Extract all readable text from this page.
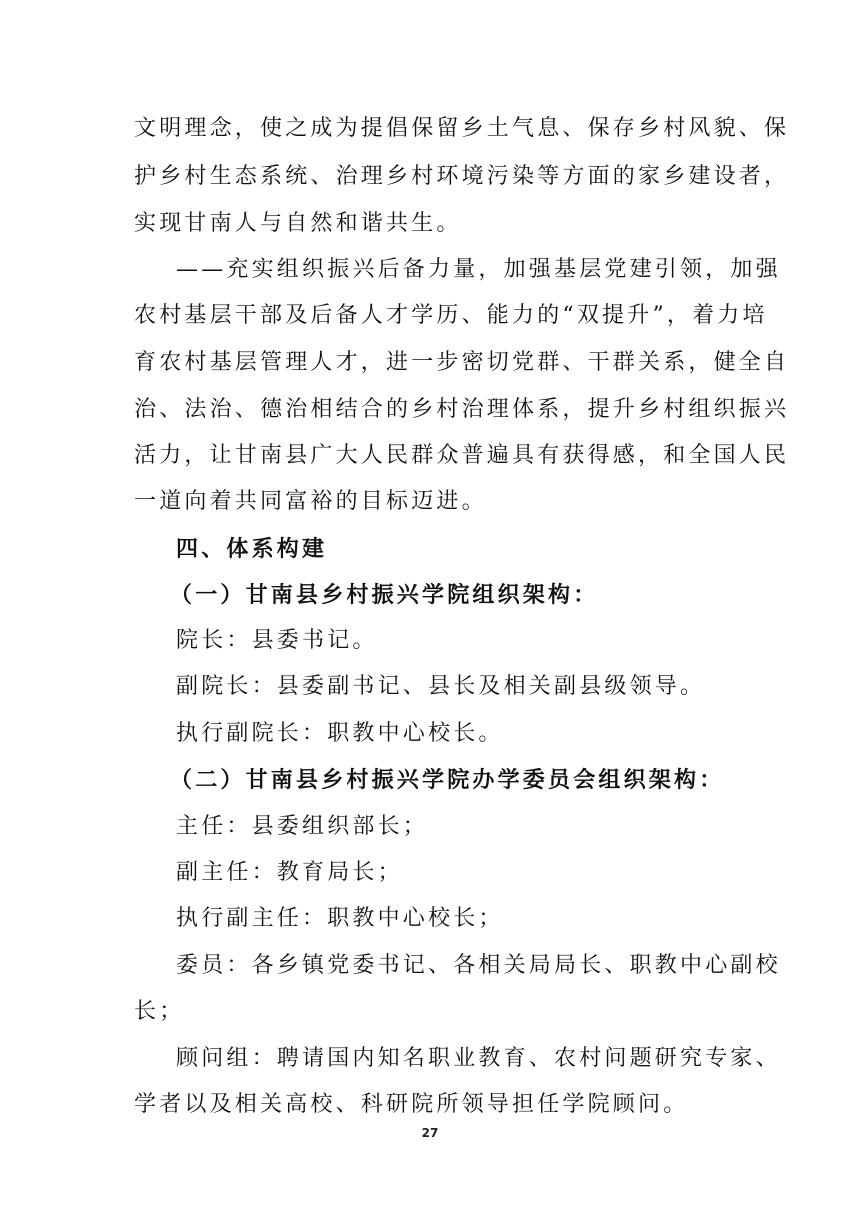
文明理念，使之成为提倡保留乡土气息、保存乡村风貌、保
护乡村生态系统、治理乡村环境污染等方面的家乡建设者，
实现甘南人与自然和谐共生。
——充实组织振兴后备力量，加强基层党建引领，加强
农村基层干部及后备人才学历、能力的“双提升”，着力培
育农村基层管理人才，进一步密切党群、干群关系，健全自
治、法治、德治相结合的乡村治理体系，提升乡村组织振兴
活力，让甘南县广大人民群众普遍具有获得感，和全国人民
一道向着共同富裕的目标迈进。
四、体系构建
（一）甘南县乡村振兴学院组织架构：
院长：县委书记。
副院长：县委副书记、县长及相关副县级领导。
执行副院长：职教中心校长。
（二）甘南县乡村振兴学院办学委员会组织架构：
主任：县委组织部长；
副主任：教育局长；
执行副主任：职教中心校长；
委员：各乡镇党委书记、各相关局局长、职教中心副校
长；
顾问组：聘请国内知名职业教育、农村问题研究专家、
学者以及相关高校、科研院所领导担任学院顾问。
27
